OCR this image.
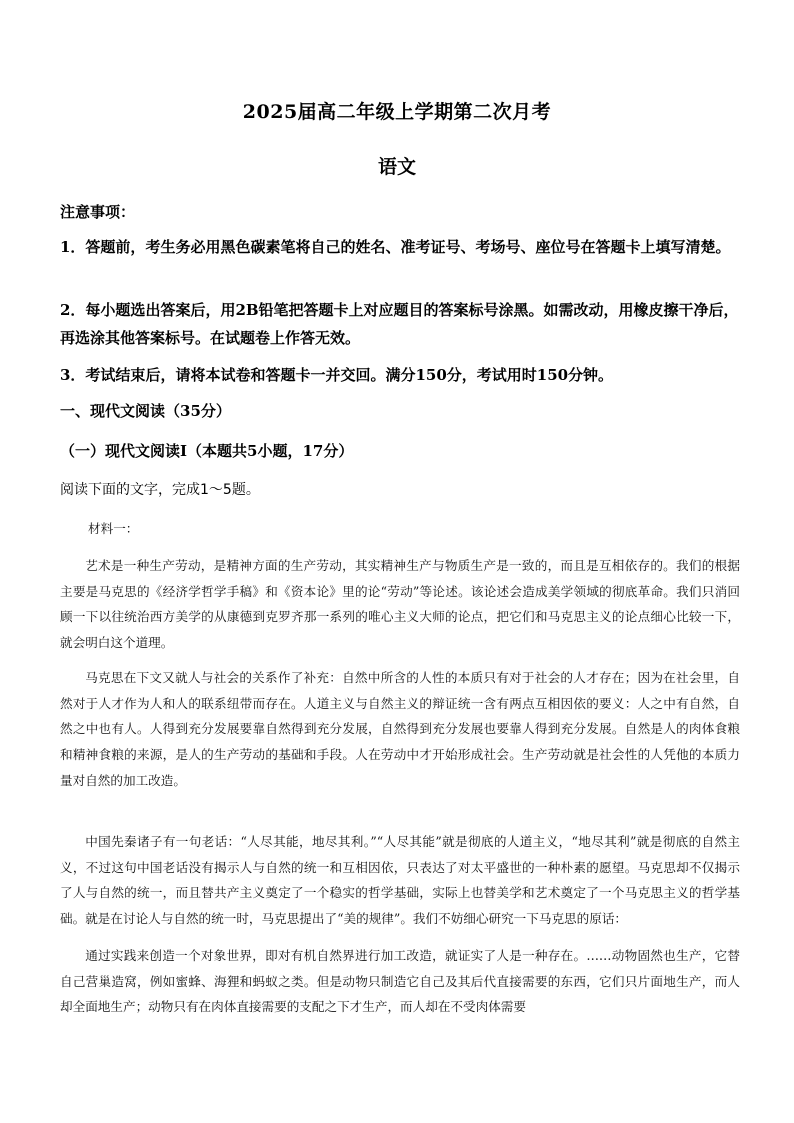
2025届高二年级上学期第二次月考
语文
注意事项：
1．答题前，考生务必用黑色碳素笔将自己的姓名、准考证号、考场号、座位号在答题卡上填写清楚。
2．每小题选出答案后，用2B铅笔把答题卡上对应题目的答案标号涂黑。如需改动，用橡皮擦干净后，再选涂其他答案标号。在试题卷上作答无效。
3．考试结束后，请将本试卷和答题卡一并交回。满分150分，考试用时150分钟。
一、现代文阅读（35分）
（一）现代文阅读Ⅰ（本题共5小题，17分）
阅读下面的文字，完成1～5题。
材料一：
艺术是一种生产劳动，是精神方面的生产劳动，其实精神生产与物质生产是一致的，而且是互相依存的。我们的根据主要是马克思的《经济学哲学手稿》和《资本论》里的论“劳动”等论述。该论述会造成美学领域的彻底革命。我们只消回顾一下以往统治西方美学的从康德到克罗齐那一系列的唯心主义大师的论点，把它们和马克思主义的论点细心比较一下，就会明白这个道理。
马克思在下文又就人与社会的关系作了补充：自然中所含的人性的本质只有对于社会的人才存在；因为在社会里，自然对于人才作为人和人的联系纽带而存在。人道主义与自然主义的辩证统一含有两点互相因依的要义：人之中有自然，自然之中也有人。人得到充分发展要靠自然得到充分发展，自然得到充分发展也要靠人得到充分发展。自然是人的肉体食粮和精神食粮的来源，是人的生产劳动的基础和手段。人在劳动中才开始形成社会。生产劳动就是社会性的人凭他的本质力量对自然的加工改造。
中国先秦诸子有一句老话：“人尽其能，地尽其利。”“人尽其能”就是彻底的人道主义，“地尽其利”就是彻底的自然主义，不过这句中国老话没有揭示人与自然的统一和互相因依，只表达了对太平盛世的一种朴素的愿望。马克思却不仅揭示了人与自然的统一，而且替共产主义奠定了一个稳实的哲学基础，实际上也替美学和艺术奠定了一个马克思主义的哲学基础。就是在讨论人与自然的统一时，马克思提出了“美的规律”。我们不妨细心研究一下马克思的原话：
通过实践来创造一个对象世界，即对有机自然界进行加工改造，就证实了人是一种存在。……动物固然也生产，它替自己营巢造窝，例如蜜蜂、海狸和蚂蚁之类。但是动物只制造它自己及其后代直接需要的东西，它们只片面地生产，而人却全面地生产；动物只有在肉体直接需要的支配之下才生产，而人却在不受肉体需要
